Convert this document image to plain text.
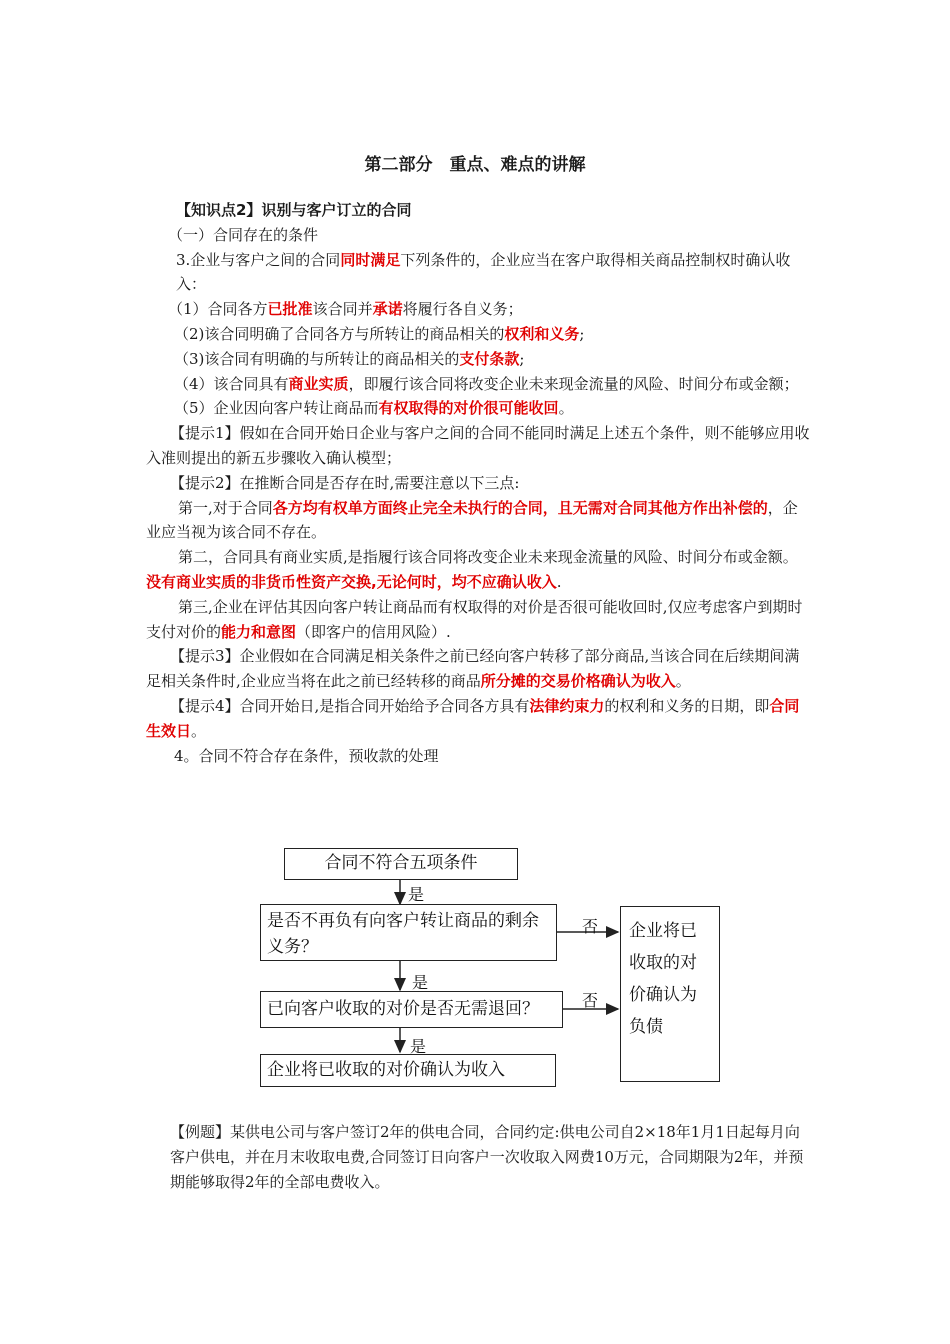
第二部分　重点、难点的讲解

【知识点2】识别与客户订立的合同

（一）合同存在的条件

3.企业与客户之间的合同同时满足下列条件的，企业应当在客户取得相关商品控制权时确认收入：

（1）合同各方已批准该合同并承诺将履行各自义务；

（2)该合同明确了合同各方与所转让的商品相关的权利和义务;

（3)该合同有明确的与所转让的商品相关的支付条款;

（4）该合同具有商业实质，即履行该合同将改变企业未来现金流量的风险、时间分布或金额；

（5）企业因向客户转让商品而有权取得的对价很可能收回。

【提示1】假如在合同开始日企业与客户之间的合同不能同时满足上述五个条件，则不能够应用收入准则提出的新五步骤收入确认模型；

【提示2】在推断合同是否存在时,需要注意以下三点:

第一,对于合同各方均有权单方面终止完全未执行的合同，且无需对合同其他方作出补偿的，企业应当视为该合同不存在。

第二，合同具有商业实质,是指履行该合同将改变企业未来现金流量的风险、时间分布或金额。没有商业实质的非货币性资产交换,无论何时，均不应确认收入.

第三,企业在评估其因向客户转让商品而有权取得的对价是否很可能收回时,仅应考虑客户到期时支付对价的能力和意图（即客户的信用风险）.

【提示3】企业假如在合同满足相关条件之前已经向客户转移了部分商品,当该合同在后续期间满足相关条件时,企业应当将在此之前已经转移的商品所分摊的交易价格确认为收入。

【提示4】合同开始日,是指合同开始给予合同各方具有法律约束力的权利和义务的日期，即合同生效日。

4。合同不符合存在条件，预收款的处理

合同不符合五项条件
是否不再负有向客户转让商品的剩余义务？
已向客户收取的对价是否无需退回？
企业将已收取的对价确认为收入
企业将已收取的对价确认为负债
是
是
是
否
否

【例题】某供电公司与客户签订2年的供电合同，合同约定:供电公司自2×18年1月1日起每月向客户供电，并在月末收取电费,合同签订日向客户一次收取入网费10万元，合同期限为2年，并预期能够取得2年的全部电费收入。
